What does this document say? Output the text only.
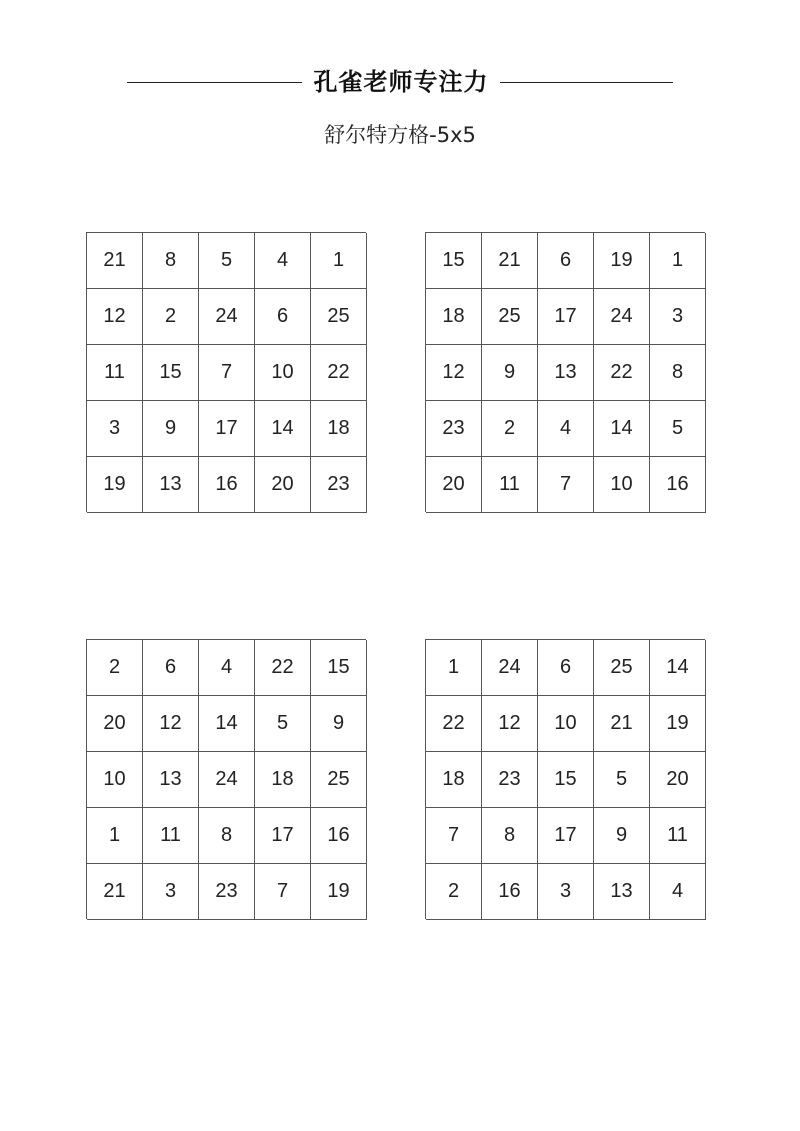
孔雀老师专注力
舒尔特方格-5x5
21	8	5	4	1
12	2	24	6	25
11	15	7	10	22
3	9	17	14	18
19	13	16	20	23
15	21	6	19	1
18	25	17	24	3
12	9	13	22	8
23	2	4	14	5
20	11	7	10	16
2	6	4	22	15
20	12	14	5	9
10	13	24	18	25
1	11	8	17	16
21	3	23	7	19
1	24	6	25	14
22	12	10	21	19
18	23	15	5	20
7	8	17	9	11
2	16	3	13	4
